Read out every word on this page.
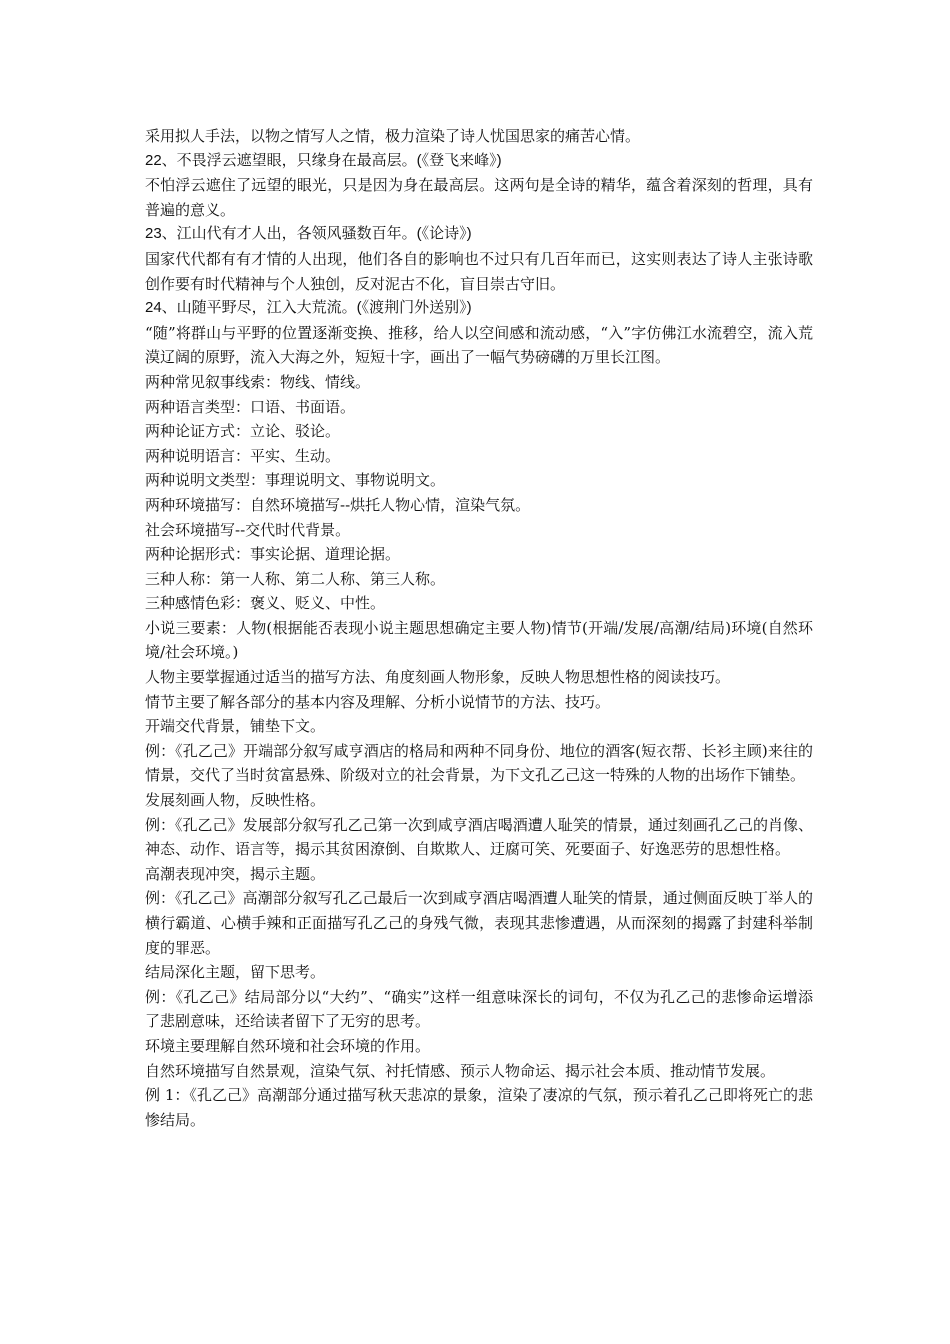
采用拟人手法，以物之情写人之情，极力渲染了诗人忧国思家的痛苦心情。

22、不畏浮云遮望眼，只缘身在最高层。(《登飞来峰》)

不怕浮云遮住了远望的眼光，只是因为身在最高层。这两句是全诗的精华，蕴含着深刻的哲理，具有普遍的意义。

23、江山代有才人出，各领风骚数百年。(《论诗》)

国家代代都有有才情的人出现，他们各自的影响也不过只有几百年而已，这实则表达了诗人主张诗歌创作要有时代精神与个人独创，反对泥古不化，盲目崇古守旧。

24、山随平野尽，江入大荒流。(《渡荆门外送别》)

“随”将群山与平野的位置逐渐变换、推移，给人以空间感和流动感，“入”字仿佛江水流碧空，流入荒漠辽阔的原野，流入大海之外，短短十字，画出了一幅气势磅礴的万里长江图。

两种常见叙事线索：物线、情线。

两种语言类型：口语、书面语。

两种论证方式：立论、驳论。

两种说明语言：平实、生动。

两种说明文类型：事理说明文、事物说明文。

两种环境描写：自然环境描写--烘托人物心情，渲染气氛。

社会环境描写--交代时代背景。

两种论据形式：事实论据、道理论据。

三种人称：第一人称、第二人称、第三人称。

三种感情色彩：褒义、贬义、中性。

小说三要素：人物(根据能否表现小说主题思想确定主要人物)情节(开端/发展/高潮/结局)环境(自然环境/社会环境。)

人物主要掌握通过适当的描写方法、角度刻画人物形象，反映人物思想性格的阅读技巧。

情节主要了解各部分的基本内容及理解、分析小说情节的方法、技巧。

开端交代背景，铺垫下文。

例：《孔乙己》开端部分叙写咸亨酒店的格局和两种不同身份、地位的酒客(短衣帮、长衫主顾)来往的情景，交代了当时贫富悬殊、阶级对立的社会背景，为下文孔乙己这一特殊的人物的出场作下铺垫。

发展刻画人物，反映性格。

例：《孔乙己》发展部分叙写孔乙己第一次到咸亨酒店喝酒遭人耻笑的情景，通过刻画孔乙己的肖像、神态、动作、语言等，揭示其贫困潦倒、自欺欺人、迂腐可笑、死要面子、好逸恶劳的思想性格。

高潮表现冲突，揭示主题。

例：《孔乙己》高潮部分叙写孔乙己最后一次到咸亨酒店喝酒遭人耻笑的情景，通过侧面反映丁举人的横行霸道、心横手辣和正面描写孔乙己的身残气微，表现其悲惨遭遇，从而深刻的揭露了封建科举制度的罪恶。

结局深化主题，留下思考。

例：《孔乙己》结局部分以“大约”、“确实”这样一组意味深长的词句，不仅为孔乙己的悲惨命运增添了悲剧意味，还给读者留下了无穷的思考。

环境主要理解自然环境和社会环境的作用。

自然环境描写自然景观，渲染气氛、衬托情感、预示人物命运、揭示社会本质、推动情节发展。

例 1：《孔乙己》高潮部分通过描写秋天悲凉的景象，渲染了凄凉的气氛，预示着孔乙己即将死亡的悲惨结局。
